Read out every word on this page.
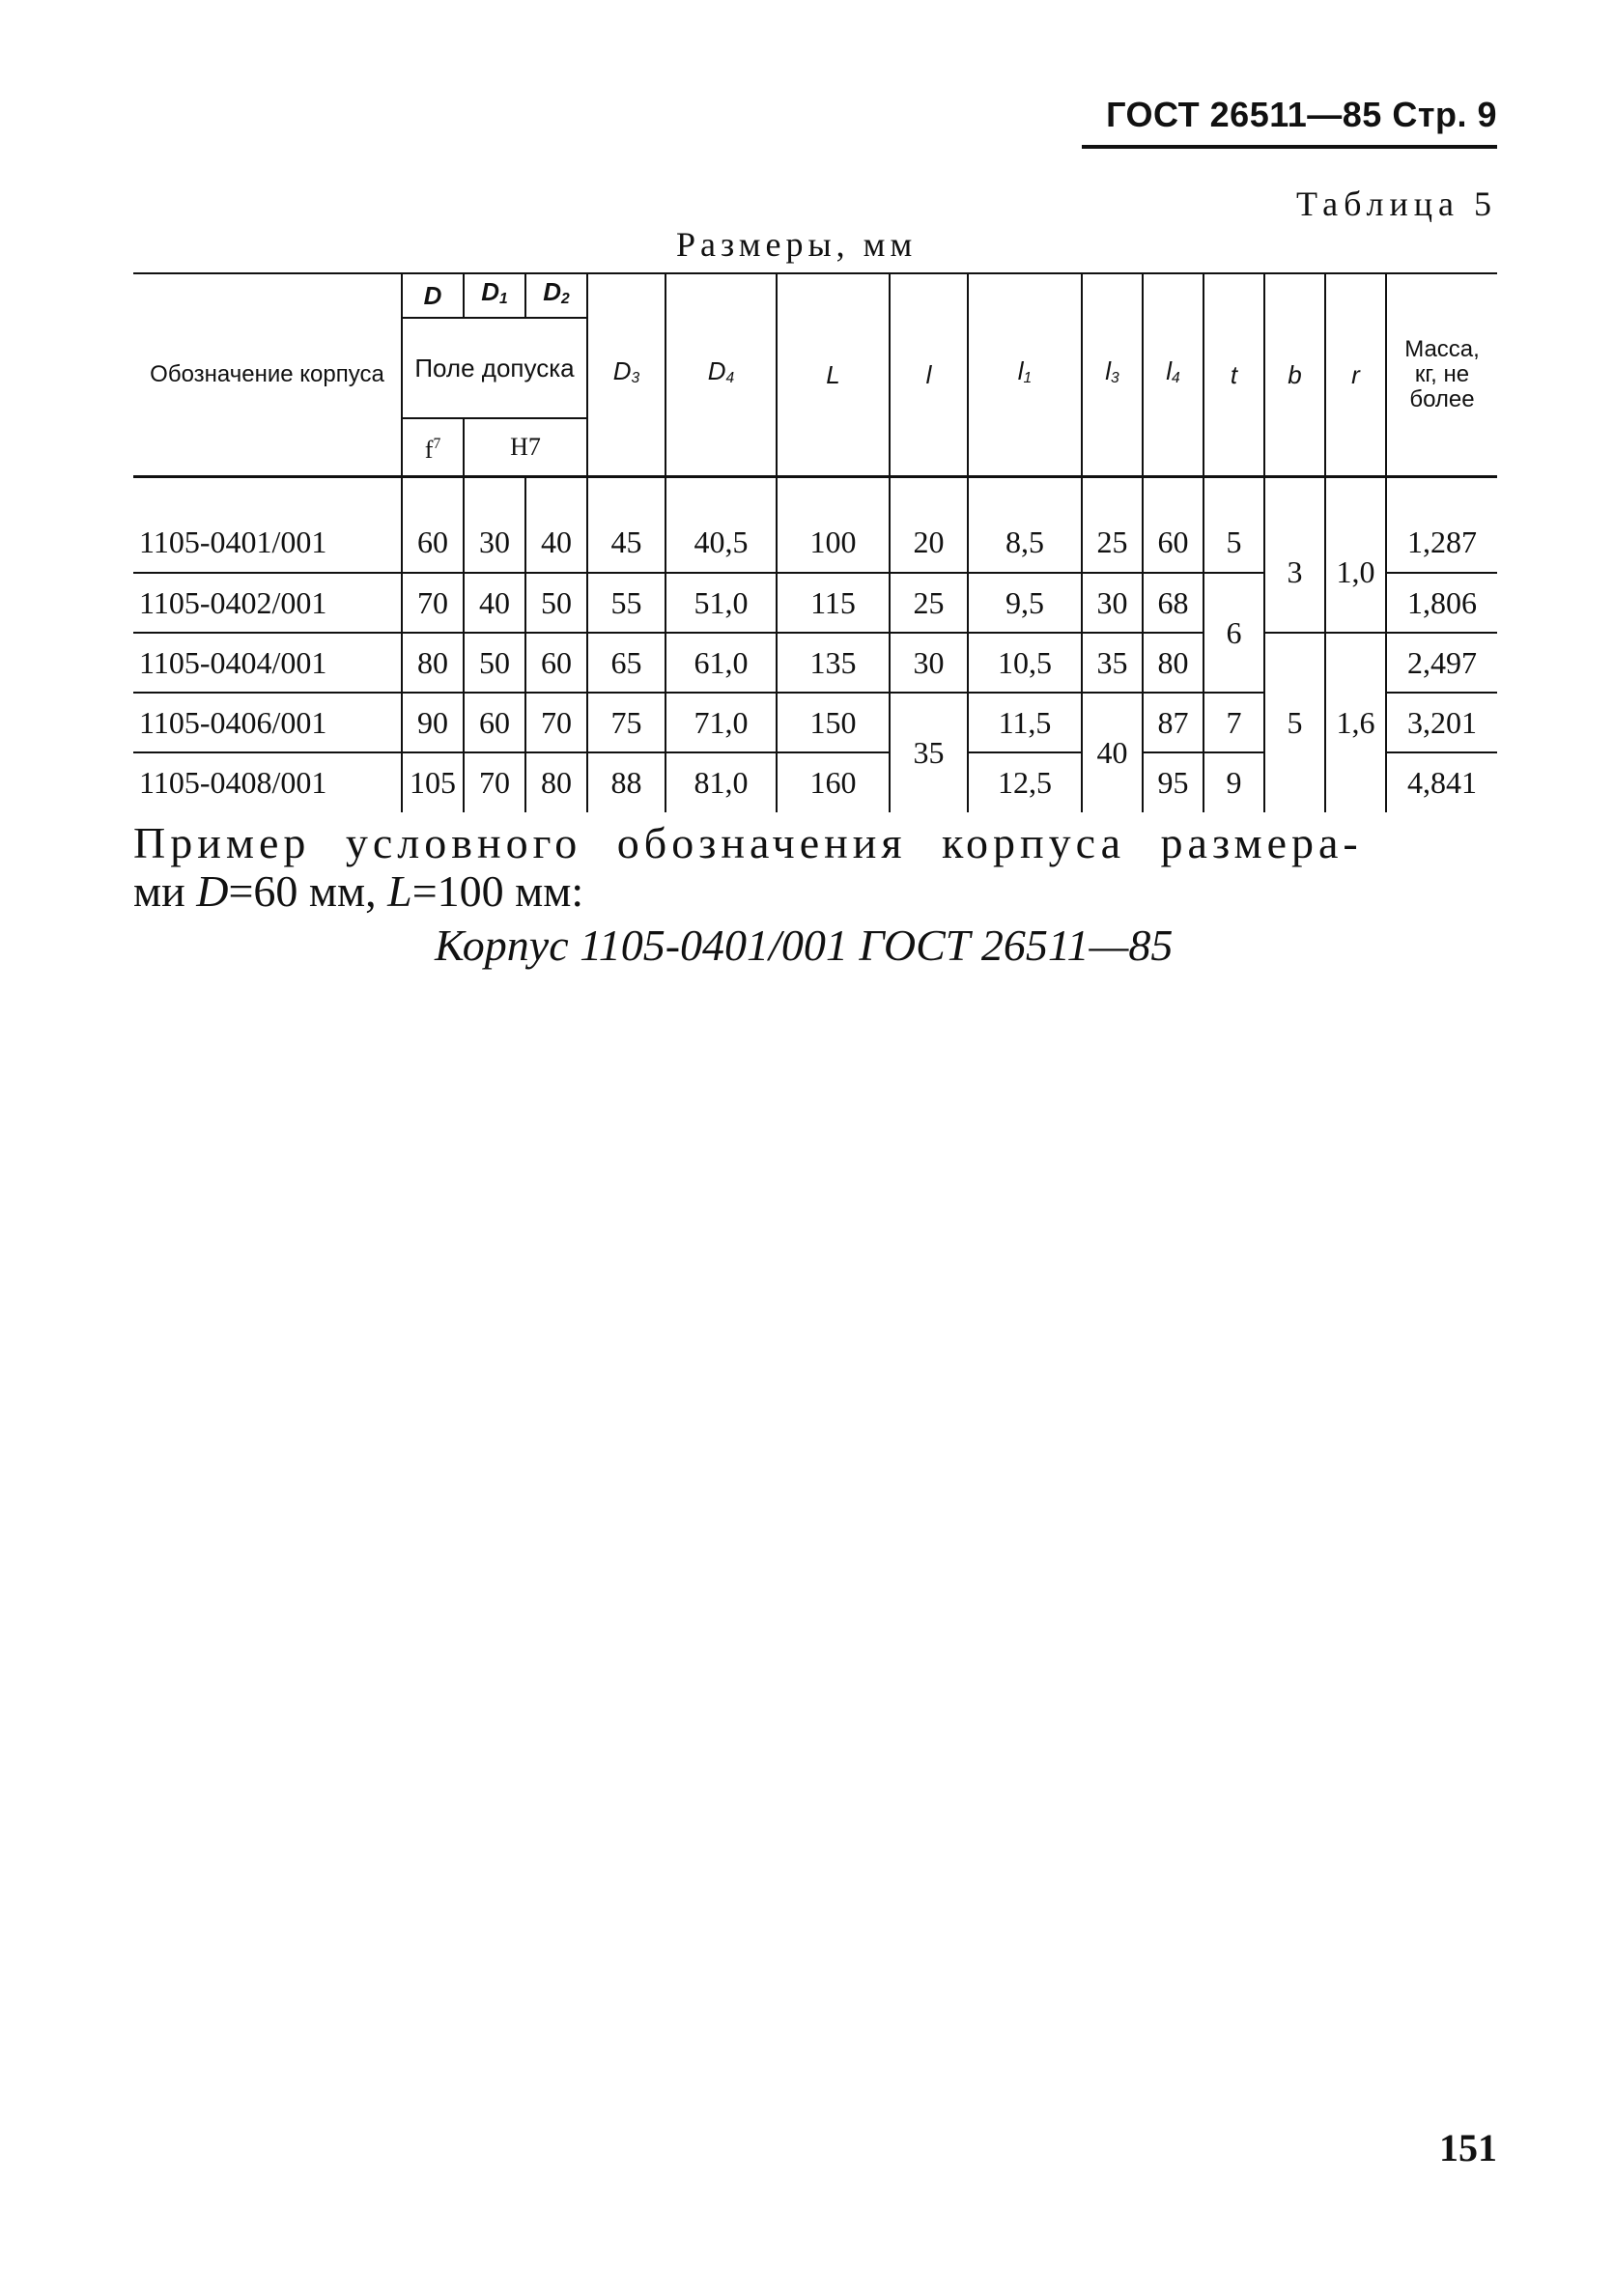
ГОСТ 26511—85 Стр. 9
Таблица 5
Размеры, мм
Обозначение корпуса	D	$D_1$	$D_2$	$D_3$	$D_4$	L	l	$l_1$	$l_3$	$l_4$	t	b	r	Масса, кг, не более
	Поле допуска													
	$f^7$	H7												
1105-0401/001	60	30	40	45	40,5	100	20	8,5	25	60	5	3	1,0	1,287
1105-0402/001	70	40	50	55	51,0	115	25	9,5	30	68	6			1,806
1105-0404/001	80	50	60	65	61,0	135	30	10,5	35	80		5	1,6	2,497
1105-0406/001	90	60	70	75	71,0	150	35	11,5	40	87	7			3,201
1105-0408/001	105	70	80	88	81,0	160		12,5		95	9			4,841
Пример условного обозначения корпуса размера-
ми D=60 мм, L=100 мм:
Корпус 1105-0401/001 ГОСТ 26511—85
151
